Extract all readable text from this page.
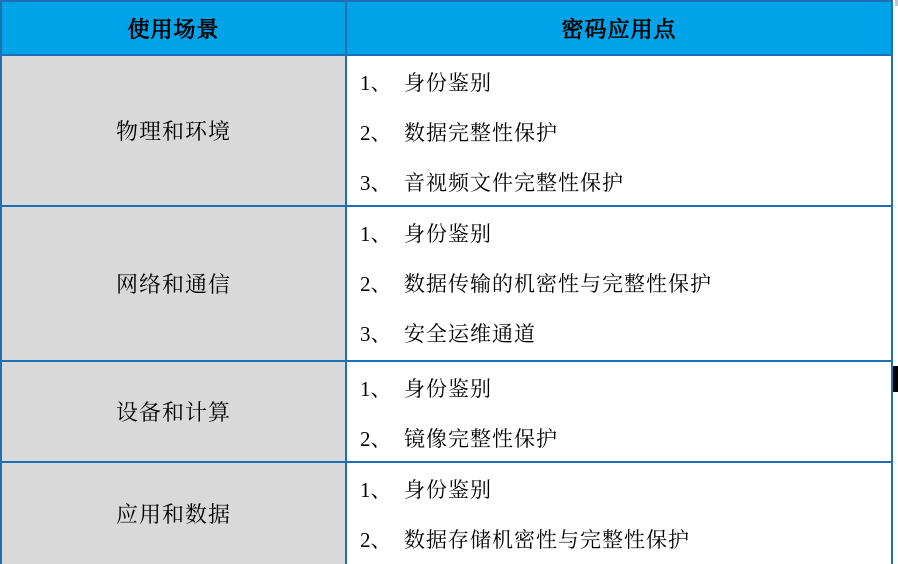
使用场景	密码应用点
物理和环境
1、 身份鉴别
2、 数据完整性保护
3、 音视频文件完整性保护
网络和通信
1、 身份鉴别
2、 数据传输的机密性与完整性保护
3、 安全运维通道
设备和计算
1、 身份鉴别
2、 镜像完整性保护
应用和数据
1、 身份鉴别
2、 数据存储机密性与完整性保护
